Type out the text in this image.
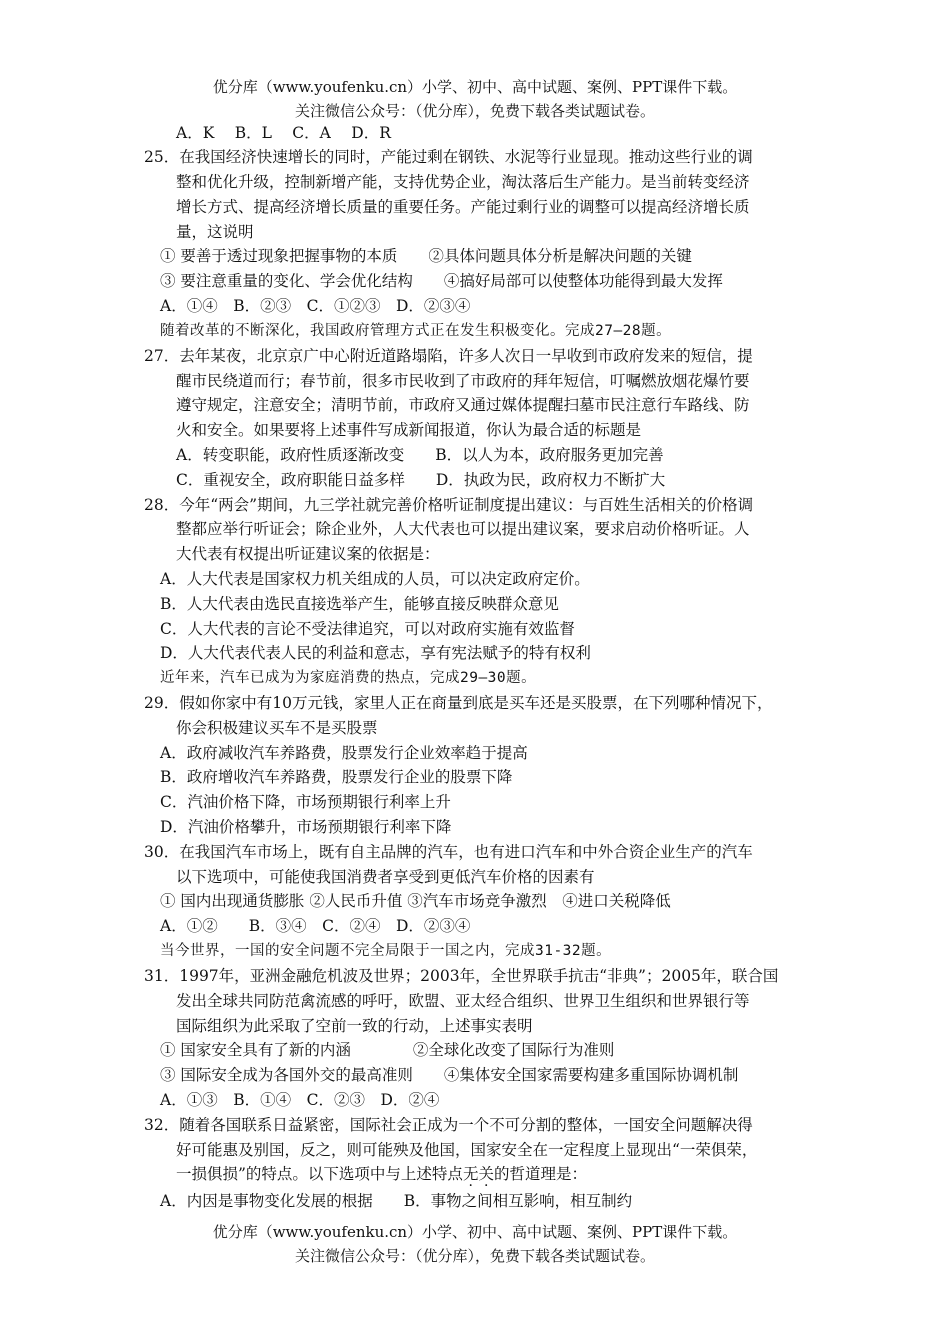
优分库（www.youfenku.cn）小学、初中、高中试题、案例、PPT课件下载。
关注微信公众号：（优分库），免费下载各类试题试卷。
A．K　 B．L　 C．A　 D．R
25．在我国经济快速增长的同时，产能过剩在钢铁、水泥等行业显现。推动这些行业的调
整和优化升级，控制新增产能，支持优势企业，淘汰落后生产能力。是当前转变经济
增长方式、提高经济增长质量的重要任务。产能过剩行业的调整可以提高经济增长质
量，这说明
① 要善于透过现象把握事物的本质　　②具体问题具体分析是解决问题的关键
③ 要注意重量的变化、学会优化结构　　④搞好局部可以使整体功能得到最大发挥
A．①④　B．②③　C．①②③　D．②③④
随着改革的不断深化，我国政府管理方式正在发生积极变化。完成27—28题。
27．去年某夜，北京京广中心附近道路塌陷，许多人次日一早收到市政府发来的短信，提
醒市民绕道而行；春节前，很多市民收到了市政府的拜年短信，叮嘱燃放烟花爆竹要
遵守规定，注意安全；清明节前，市政府又通过媒体提醒扫墓市民注意行车路线、防
火和安全。如果要将上述事件写成新闻报道，你认为最合适的标题是
A．转变职能，政府性质逐渐改变　　B．以人为本，政府服务更加完善
C．重视安全，政府职能日益多样　　D．执政为民，政府权力不断扩大
28．今年“两会”期间，九三学社就完善价格听证制度提出建议：与百姓生活相关的价格调
整都应举行听证会；除企业外，人大代表也可以提出建议案，要求启动价格听证。人
大代表有权提出听证建议案的依据是：
A．人大代表是国家权力机关组成的人员，可以决定政府定价。
B．人大代表由选民直接选举产生，能够直接反映群众意见
C．人大代表的言论不受法律追究，可以对政府实施有效监督
D．人大代表代表人民的利益和意志，享有宪法赋予的特有权利
近年来，汽车已成为为家庭消费的热点，完成29—30题。
29．假如你家中有10万元钱，家里人正在商量到底是买车还是买股票，在下列哪种情况下，
你会积极建议买车不是买股票
A．政府减收汽车养路费，股票发行企业效率趋于提高
B．政府增收汽车养路费，股票发行企业的股票下降
C．汽油价格下降，市场预期银行利率上升
D．汽油价格攀升，市场预期银行利率下降
30．在我国汽车市场上，既有自主品牌的汽车，也有进口汽车和中外合资企业生产的汽车
以下选项中，可能使我国消费者享受到更低汽车价格的因素有
① 国内出现通货膨胀 ②人民币升值 ③汽车市场竞争激烈　④进口关税降低
A．①②　　B．③④　C．②④　D．②③④
当今世界，一国的安全问题不完全局限于一国之内，完成31-32题。
31．1997年，亚洲金融危机波及世界；2003年，全世界联手抗击“非典”；2005年，联合国
发出全球共同防范禽流感的呼吁，欧盟、亚太经合组织、世界卫生组织和世界银行等
国际组织为此采取了空前一致的行动，上述事实表明
① 国家安全具有了新的内涵　　　　②全球化改变了国际行为准则
③ 国际安全成为各国外交的最高准则　　④集体安全国家需要构建多重国际协调机制
A．①③　B．①④　C．②③　D．②④
32．随着各国联系日益紧密，国际社会正成为一个不可分割的整体，一国安全问题解决得
好可能惠及别国，反之，则可能殃及他国，国家安全在一定程度上显现出“一荣俱荣，
一损俱损”的特点。以下选项中与上述特点无关的哲道理是：
A．内因是事物变化发展的根据　　B．事物之间相互影响，相互制约
优分库（www.youfenku.cn）小学、初中、高中试题、案例、PPT课件下载。
关注微信公众号：（优分库），免费下载各类试题试卷。
